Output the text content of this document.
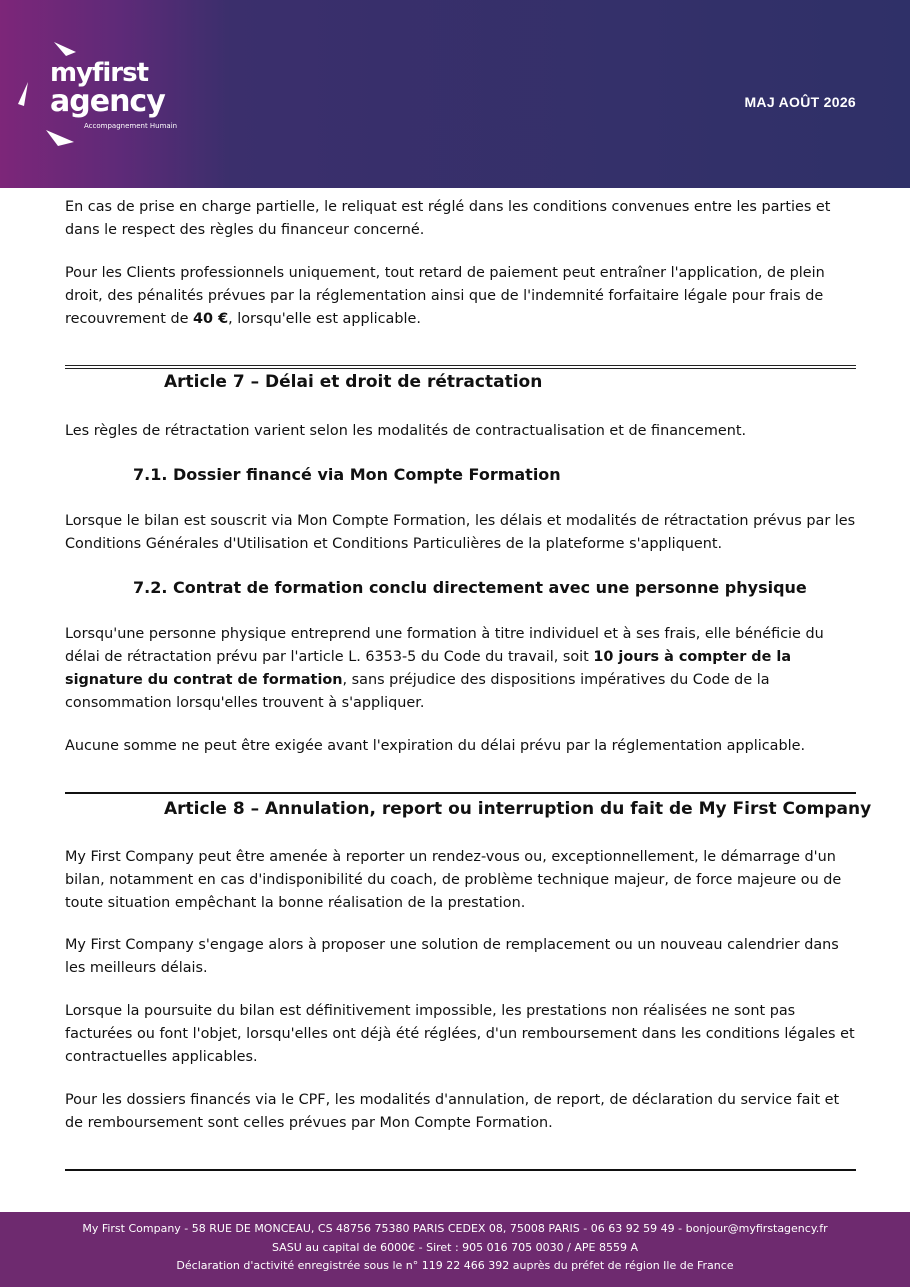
myfirst
agency
Accompagnement Humain
MAJ AOÛT 2026
En cas de prise en charge partielle, le reliquat est réglé dans les conditions convenues entre les parties et dans le respect des règles du financeur concerné.
Pour les Clients professionnels uniquement, tout retard de paiement peut entraîner l'application, de plein droit, des pénalités prévues par la réglementation ainsi que de l'indemnité forfaitaire légale pour frais de recouvrement de 40 €, lorsqu'elle est applicable.
Article 7 – Délai et droit de rétractation
Les règles de rétractation varient selon les modalités de contractualisation et de financement.
7.1. Dossier financé via Mon Compte Formation
Lorsque le bilan est souscrit via Mon Compte Formation, les délais et modalités de rétractation prévus par les Conditions Générales d'Utilisation et Conditions Particulières de la plateforme s'appliquent.
7.2. Contrat de formation conclu directement avec une personne physique
Lorsqu'une personne physique entreprend une formation à titre individuel et à ses frais, elle bénéficie du délai de rétractation prévu par l'article L. 6353-5 du Code du travail, soit 10 jours à compter de la signature du contrat de formation, sans préjudice des dispositions impératives du Code de la consommation lorsqu'elles trouvent à s'appliquer.
Aucune somme ne peut être exigée avant l'expiration du délai prévu par la réglementation applicable.
Article 8 – Annulation, report ou interruption du fait de My First Company
My First Company peut être amenée à reporter un rendez-vous ou, exceptionnellement, le démarrage d'un bilan, notamment en cas d'indisponibilité du coach, de problème technique majeur, de force majeure ou de toute situation empêchant la bonne réalisation de la prestation.
My First Company s'engage alors à proposer une solution de remplacement ou un nouveau calendrier dans les meilleurs délais.
Lorsque la poursuite du bilan est définitivement impossible, les prestations non réalisées ne sont pas facturées ou font l'objet, lorsqu'elles ont déjà été réglées, d'un remboursement dans les conditions légales et contractuelles applicables.
Pour les dossiers financés via le CPF, les modalités d'annulation, de report, de déclaration du service fait et de remboursement sont celles prévues par Mon Compte Formation.
My First Company - 58 RUE DE MONCEAU, CS 48756 75380 PARIS CEDEX 08, 75008 PARIS - 06 63 92 59 49 - bonjour@myfirstagency.fr
SASU au capital de 6000€ - Siret : 905 016 705 0030 / APE 8559 A
Déclaration d'activité enregistrée sous le n° 119 22 466 392 auprès du préfet de région Ile de France
